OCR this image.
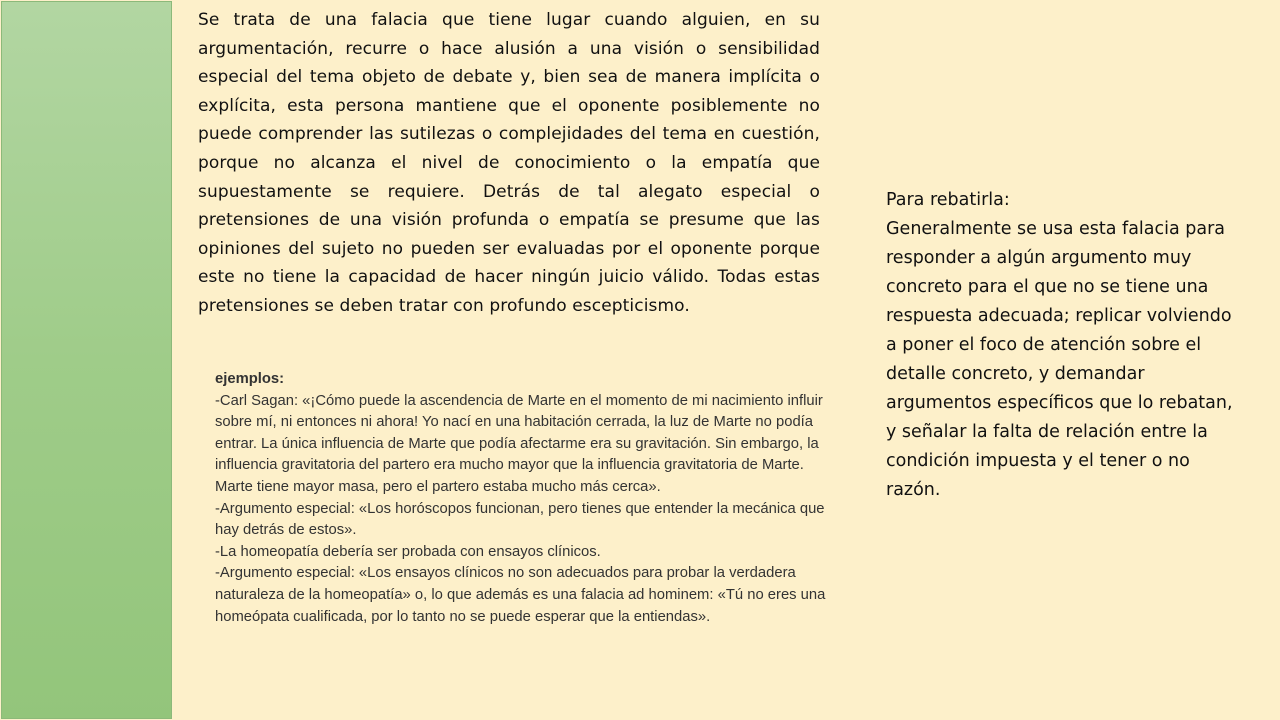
Se trata de una falacia que tiene lugar cuando alguien, en su argumentación, recurre o hace alusión a una visión o sensibilidad especial del tema objeto de debate y, bien sea de manera implícita o explícita, esta persona mantiene que el oponente posiblemente no puede comprender las sutilezas o complejidades del tema en cuestión, porque no alcanza el nivel de conocimiento o la empatía que supuestamente se requiere. Detrás de tal alegato especial o pretensiones de una visión profunda o empatía se presume que las opiniones del sujeto no pueden ser evaluadas por el oponente porque este no tiene la capacidad de hacer ningún juicio válido. Todas estas pretensiones se deben tratar con profundo escepticismo.

ejemplos:
-Carl Sagan: «¡Cómo puede la ascendencia de Marte en el momento de mi nacimiento influir sobre mí, ni entonces ni ahora! Yo nací en una habitación cerrada, la luz de Marte no podía entrar. La única influencia de Marte que podía afectarme era su gravitación. Sin embargo, la influencia gravitatoria del partero era mucho mayor que la influencia gravitatoria de Marte. Marte tiene mayor masa, pero el partero estaba mucho más cerca».
-Argumento especial: «Los horóscopos funcionan, pero tienes que entender la mecánica que hay detrás de estos».
-La homeopatía debería ser probada con ensayos clínicos.
-Argumento especial: «Los ensayos clínicos no son adecuados para probar la verdadera naturaleza de la homeopatía» o, lo que además es una falacia ad hominem: «Tú no eres una homeópata cualificada, por lo tanto no se puede esperar que la entiendas».
Para rebatirla:
Generalmente se usa esta falacia para responder a algún argumento muy concreto para el que no se tiene una respuesta adecuada; replicar volviendo a poner el foco de atención sobre el detalle concreto, y demandar argumentos específicos que lo rebatan, y señalar la falta de relación entre la condición impuesta y el tener o no razón.
